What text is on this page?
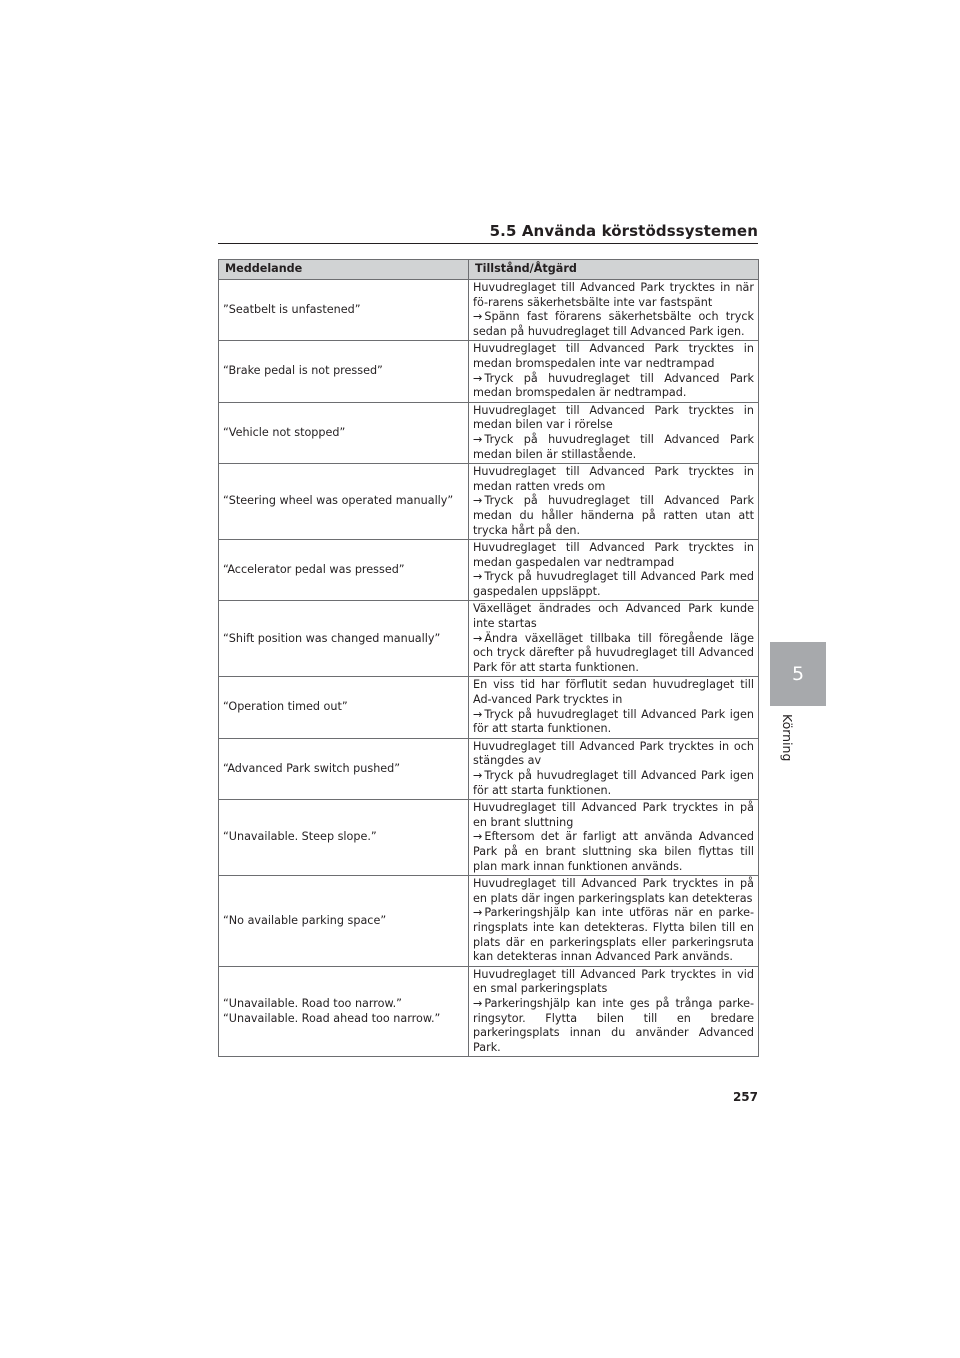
5.5 Använda körstödssystemen
Meddelande	Tillstånd/Åtgärd
”Seatbelt is unfastened”	Huvudreglaget till Advanced Park trycktes in när fö-rarens säkerhetsbälte inte var fastspänt
→ Spänn fast förarens säkerhetsbälte och tryck sedan på huvudreglaget till Advanced Park igen.

“Brake pedal is not pressed”	Huvudreglaget till Advanced Park trycktes in medan bromspedalen inte var nedtrampad
→ Tryck på huvudreglaget till Advanced Park medan bromspedalen är nedtrampad.

“Vehicle not stopped”	Huvudreglaget till Advanced Park trycktes in medan bilen var i rörelse
→ Tryck på huvudreglaget till Advanced Park medan bilen är stillastående.

“Steering wheel was operated manually”	Huvudreglaget till Advanced Park trycktes in medan ratten vreds om
→ Tryck på huvudreglaget till Advanced Park medan du håller händerna på ratten utan att trycka hårt på den.

“Accelerator pedal was pressed”	Huvudreglaget till Advanced Park trycktes in medan gaspedalen var nedtrampad
→ Tryck på huvudreglaget till Advanced Park med gaspedalen uppsläppt.

“Shift position was changed manually”	Växelläget ändrades och Advanced Park kunde inte startas
→ Ändra växelläget tillbaka till föregående läge och tryck därefter på huvudreglaget till Advanced Park för att starta funktionen.

“Operation timed out”	En viss tid har förflutit sedan huvudreglaget till Ad-vanced Park trycktes in
→ Tryck på huvudreglaget till Advanced Park igen för att starta funktionen.

“Advanced Park switch pushed”	Huvudreglaget till Advanced Park trycktes in och stängdes av
→ Tryck på huvudreglaget till Advanced Park igen för att starta funktionen.

“Unavailable. Steep slope.”	Huvudreglaget till Advanced Park trycktes in på en brant sluttning
→ Eftersom det är farligt att använda Advanced Park på en brant sluttning ska bilen flyttas till plan mark innan funktionen används.

“No available parking space”	Huvudreglaget till Advanced Park trycktes in på en plats där ingen parkeringsplats kan detekteras
→ Parkeringshjälp kan inte utföras när en parke-ringsplats inte kan detekteras. Flytta bilen till en plats där en parkeringsplats eller parkeringsruta kan detekteras innan Advanced Park används.

“Unavailable. Road too narrow.” “Unavailable. Road ahead too narrow.”	Huvudreglaget till Advanced Park trycktes in vid en smal parkeringsplats
→ Parkeringshjälp kan inte ges på trånga parke-ringsytor. Flytta bilen till en bredare parkeringsplats innan du använder Advanced Park.
5
Körning
257
